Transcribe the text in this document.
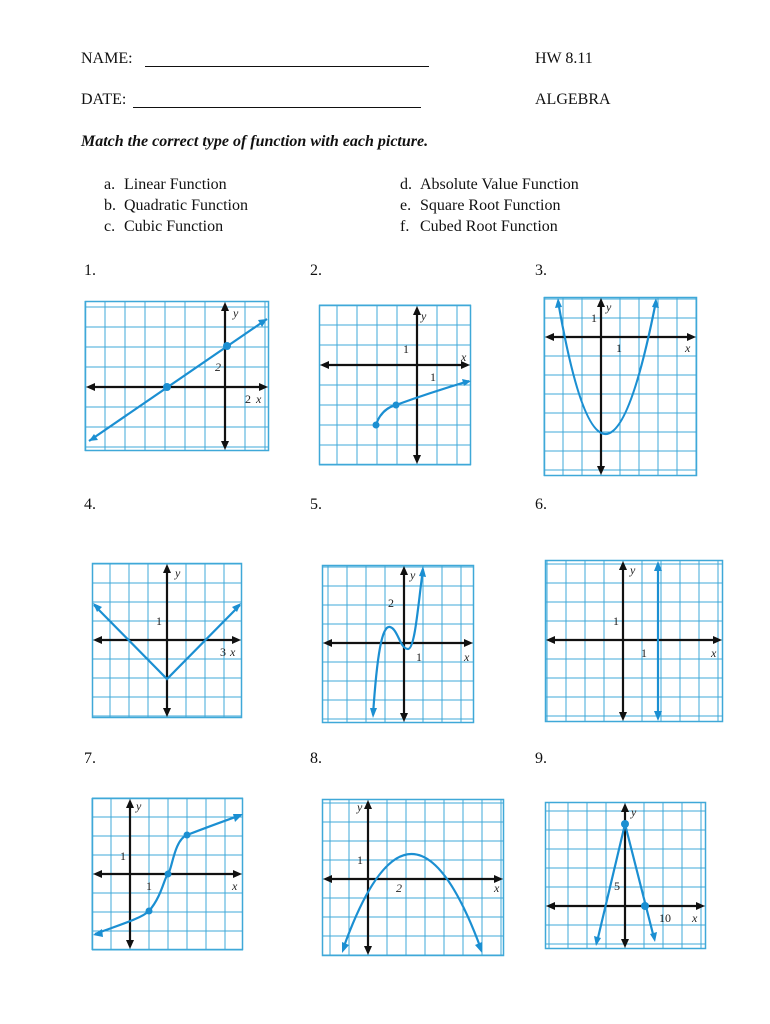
NAME:	HW 8.11
DATE:	ALGEBRA
Match the correct type of function with each picture.
a. Linear Function
b. Quadratic Function
c. Cubic Function
d. Absolute Value Function
e. Square Root Function
f. Cubed Root Function
1.	2.	3.
4.	5.	6.
7.	8.	9.
2
2 x
y
1
1
x
y	1
1	x
y
1
3 x
y
2
1	x
y
1
1	x
y
1
1	x
y
1
2	x
y
5
10 x
y
